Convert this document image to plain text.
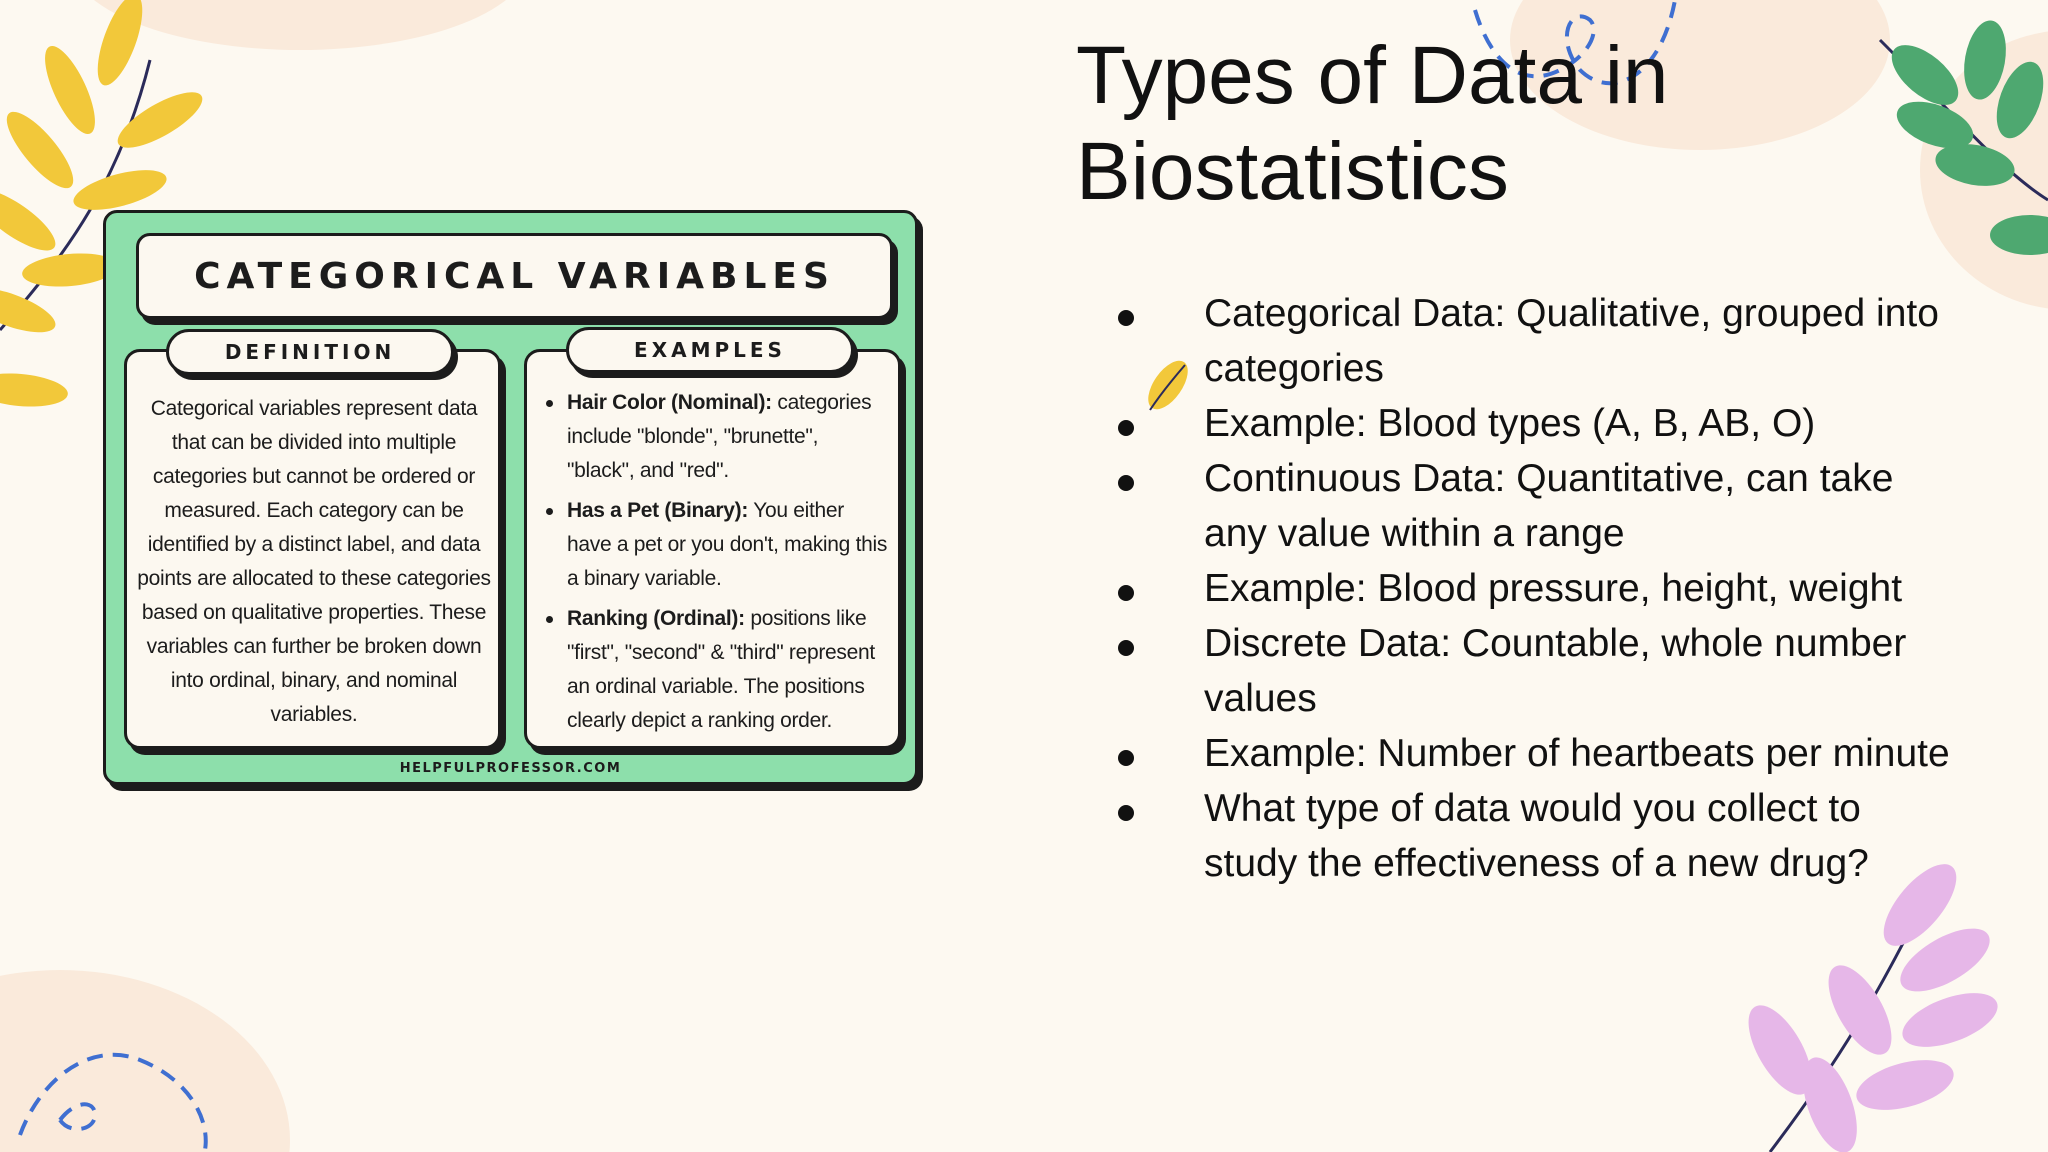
Types of Data in
Biostatistics
CATEGORICAL VARIABLES

Categorical variables represent data that can be divided into multiple categories but cannot be ordered or measured. Each category can be identified by a distinct label, and data points are allocated to these categories based on qualitative properties. These variables can further be broken down into ordinal, binary, and nominal variables.

DEFINITION
Hair Color (Nominal): categories include "blonde", "brunette", "black", and "red".
Has a Pet (Binary): You either have a pet or you don't, making this a binary variable.
Ranking (Ordinal): positions like "first", "second" & "third" represent an ordinal variable. The positions clearly depict a ranking order.
EXAMPLES
HELPFULPROFESSOR.COM
Categorical Data: Qualitative, grouped into categories
Example: Blood types (A, B, AB, O)
Continuous Data: Quantitative, can take any value within a range
Example: Blood pressure, height, weight
Discrete Data: Countable, whole number values
Example: Number of heartbeats per minute
What type of data would you collect to study the effectiveness of a new drug?
